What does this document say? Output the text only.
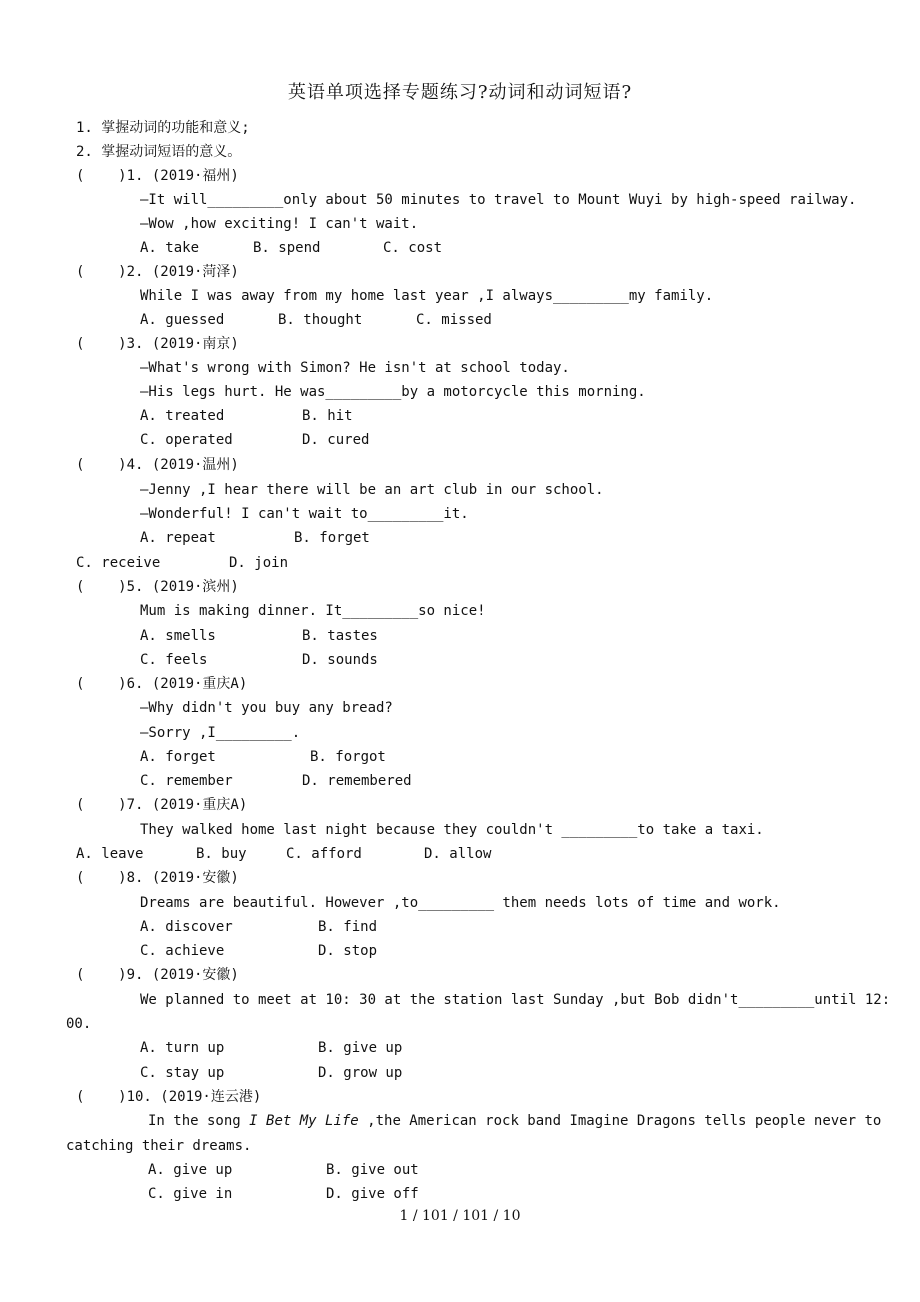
英语单项选择专题练习?动词和动词短语?
1. 掌握动词的功能和意义;
2. 掌握动词短语的意义。
(    )1. (2019·福州)
—It will_________only about 50 minutes to travel to Mount Wuyi by high-speed railway.
—Wow ,how exciting! I can't wait.
A. take	B. spend	C. cost
(    )2. (2019·菏泽)
While I was away from my home last year ,I always_________my family.
A. guessed	B. thought	C. missed
(    )3. (2019·南京)
—What's wrong with Simon? He isn't at school today.
—His legs hurt. He was_________by a motorcycle this morning.
A. treated	B. hit
C. operated	D. cured
(    )4. (2019·温州)
—Jenny ,I hear there will be an art club in our school.
—Wonderful! I can't wait to_________it.
A. repeat	B. forget
C. receive	D. join
(    )5. (2019·滨州)
Mum is making dinner. It_________so nice!
A. smells	B. tastes
C. feels	D. sounds
(    )6. (2019·重庆A)
—Why didn't you buy any bread?
—Sorry ,I_________.
A. forget	B. forgot
C. remember	D. remembered
(    )7. (2019·重庆A)
They walked home last night because they couldn't _________to take a taxi.
A. leave	B. buy	C. afford	D. allow
(    )8. (2019·安徽)
Dreams are beautiful. However ,to_________ them needs lots of time and work.
A. discover	B. find
C. achieve	D. stop
(    )9. (2019·安徽)
We planned to meet at 10: 30 at the station last Sunday ,but Bob didn't_________until 12:
00.
A. turn up	B. give up
C. stay up	D. grow up
(    )10. (2019·连云港)
In the song I Bet My Life ,the American rock band Imagine Dragons tells people never to
catching their dreams.
A. give up	B. give out
C. give in	D. give off
1 / 101 / 101 / 10
